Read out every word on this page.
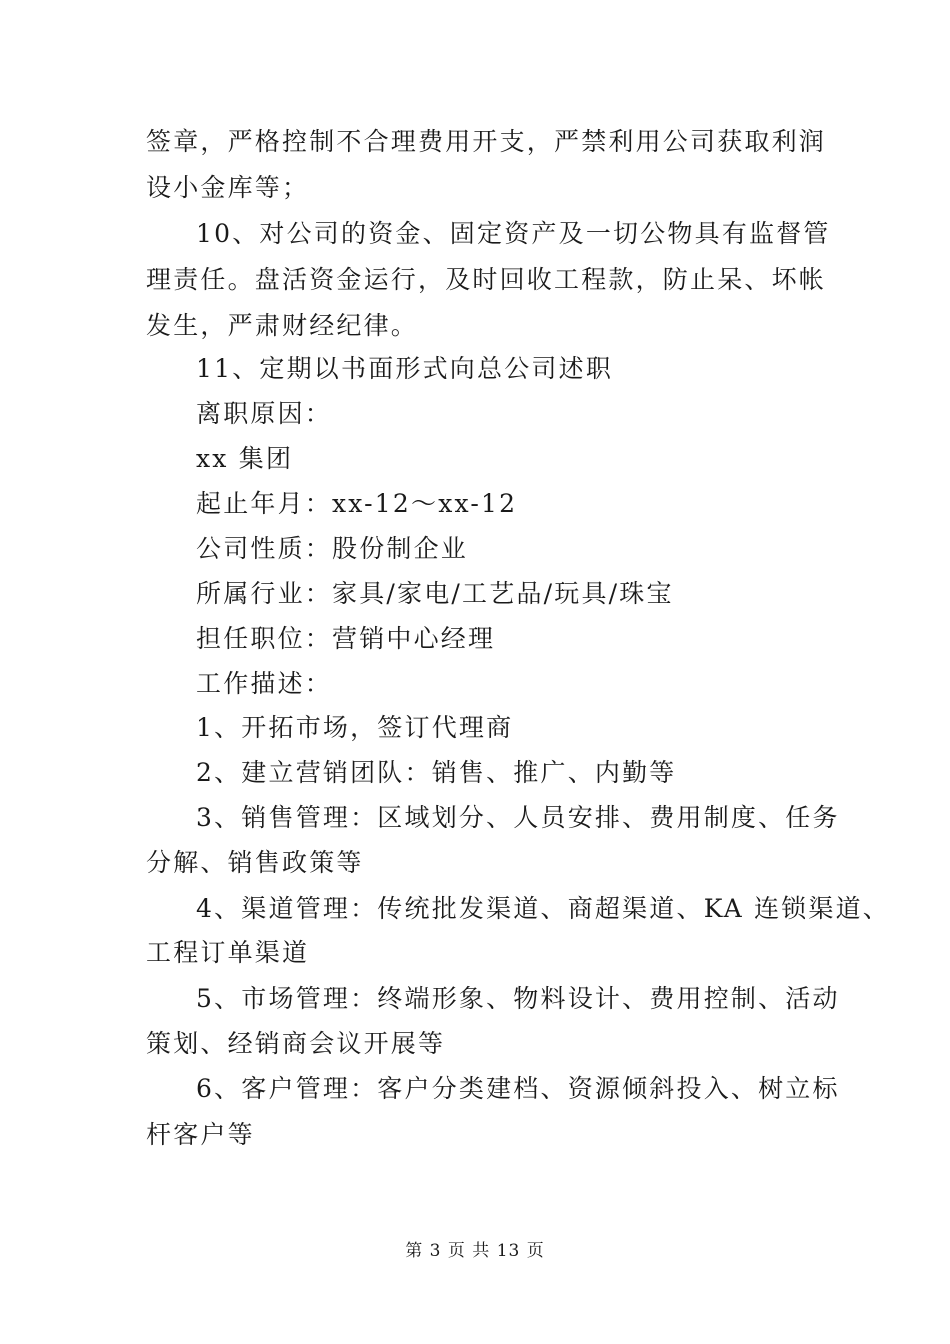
签章，严格控制不合理费用开支，严禁利用公司获取利润
设小金库等；
10、对公司的资金、固定资产及一切公物具有监督管
理责任。盘活资金运行，及时回收工程款，防止呆、坏帐
发生，严肃财经纪律。
11、定期以书面形式向总公司述职
离职原因：
xx 集团
起止年月：xx-12～xx-12
公司性质：股份制企业
所属行业：家具/家电/工艺品/玩具/珠宝
担任职位：营销中心经理
工作描述：
1、开拓市场，签订代理商
2、建立营销团队：销售、推广、内勤等
3、销售管理：区域划分、人员安排、费用制度、任务
分解、销售政策等
4、渠道管理：传统批发渠道、商超渠道、KA 连锁渠道、
工程订单渠道
5、市场管理：终端形象、物料设计、费用控制、活动
策划、经销商会议开展等
6、客户管理：客户分类建档、资源倾斜投入、树立标
杆客户等
第 3 页 共 13 页
